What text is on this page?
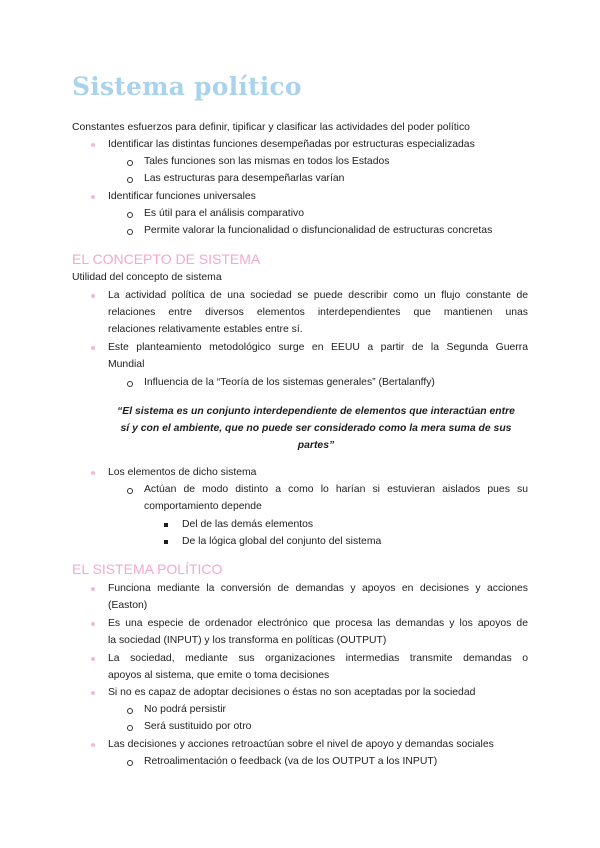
Sistema político
Constantes esfuerzos para definir, tipificar y clasificar las actividades del poder político
Identificar las distintas funciones desempeñadas por estructuras especializadas
Tales funciones son las mismas en todos los Estados
Las estructuras para desempeñarlas varían
Identificar funciones universales
Es útil para el análisis comparativo
Permite valorar la funcionalidad o disfuncionalidad de estructuras concretas
EL CONCEPTO DE SISTEMA
Utilidad del concepto de sistema
La actividad política de una sociedad se puede describir como un flujo constante de
relaciones entre diversos elementos interdependientes que mantienen unas
relaciones relativamente estables entre sí.
Este planteamiento metodológico surge en EEUU a partir de la Segunda Guerra
Mundial
Influencia de la “Teoría de los sistemas generales” (Bertalanffy)
“El sistema es un conjunto interdependiente de elementos que interactúan entre
sí y con el ambiente, que no puede ser considerado como la mera suma de sus
partes”
Los elementos de dicho sistema
Actúan de modo distinto a como lo harían si estuvieran aislados pues su
comportamiento depende
Del de las demás elementos
De la lógica global del conjunto del sistema
EL SISTEMA POLÍTICO
Funciona mediante la conversión de demandas y apoyos en decisiones y acciones
(Easton)
Es una especie de ordenador electrónico que procesa las demandas y los apoyos de
la sociedad (INPUT) y los transforma en políticas (OUTPUT)
La sociedad, mediante sus organizaciones intermedias transmite demandas o
apoyos al sistema, que emite o toma decisiones
Si no es capaz de adoptar decisiones o éstas no son aceptadas por la sociedad
No podrá persistir
Será sustituido por otro
Las decisiones y acciones retroactúan sobre el nivel de apoyo y demandas sociales
Retroalimentación o feedback (va de los OUTPUT a los INPUT)
